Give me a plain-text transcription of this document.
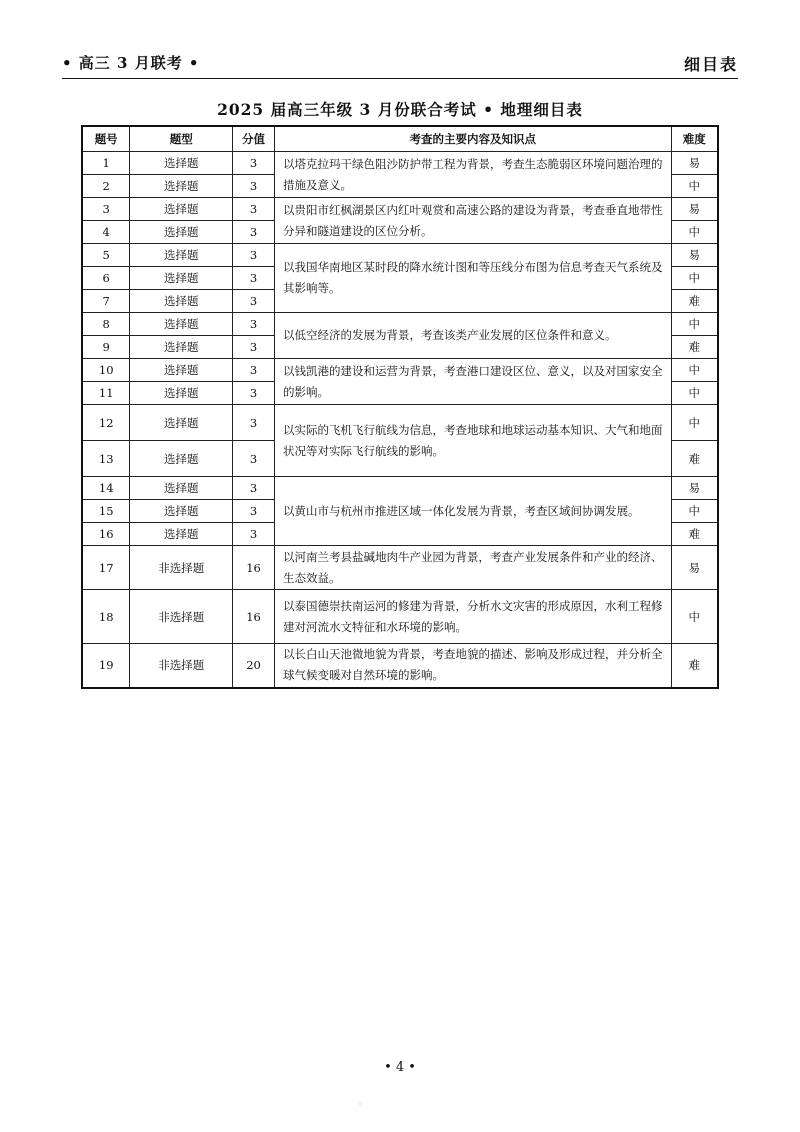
• 高三 3 月联考 •	细目表
2025 届高三年级 3 月份联合考试 • 地理细目表
题号	题型	分值	考查的主要内容及知识点	难度
1	选择题	3	以塔克拉玛干绿色阻沙防护带工程为背景，考查生态脆弱区环境问题治理的措施及意义。	易
2	选择题	3		中
3	选择题	3	以贵阳市红枫湖景区内红叶观赏和高速公路的建设为背景，考查垂直地带性分异和隧道建设的区位分析。	易
4	选择题	3		中
5	选择题	3	以我国华南地区某时段的降水统计图和等压线分布图为信息考查天气系统及其影响等。	易
6	选择题	3		中
7	选择题	3		难
8	选择题	3	以低空经济的发展为背景，考查该类产业发展的区位条件和意义。	中
9	选择题	3		难
10	选择题	3	以钱凯港的建设和运营为背景，考查港口建设区位、意义，以及对国家安全的影响。	中
11	选择题	3		中
12	选择题	3	以实际的飞机飞行航线为信息，考查地球和地球运动基本知识、大气和地面状况等对实际飞行航线的影响。	中
13	选择题	3		难
14	选择题	3	以黄山市与杭州市推进区域一体化发展为背景，考查区域间协调发展。	易
15	选择题	3		中
16	选择题	3		难
17	非选择题	16	以河南兰考县盐碱地肉牛产业园为背景，考查产业发展条件和产业的经济、生态效益。	易
18	非选择题	16	以泰国德崇扶南运河的修建为背景，分析水文灾害的形成原因，水利工程修建对河流水文特征和水环境的影响。	中
19	非选择题	20	以长白山天池微地貌为背景，考查地貌的描述、影响及形成过程，并分析全球气候变暖对自然环境的影响。	难
• 4 •
◦
